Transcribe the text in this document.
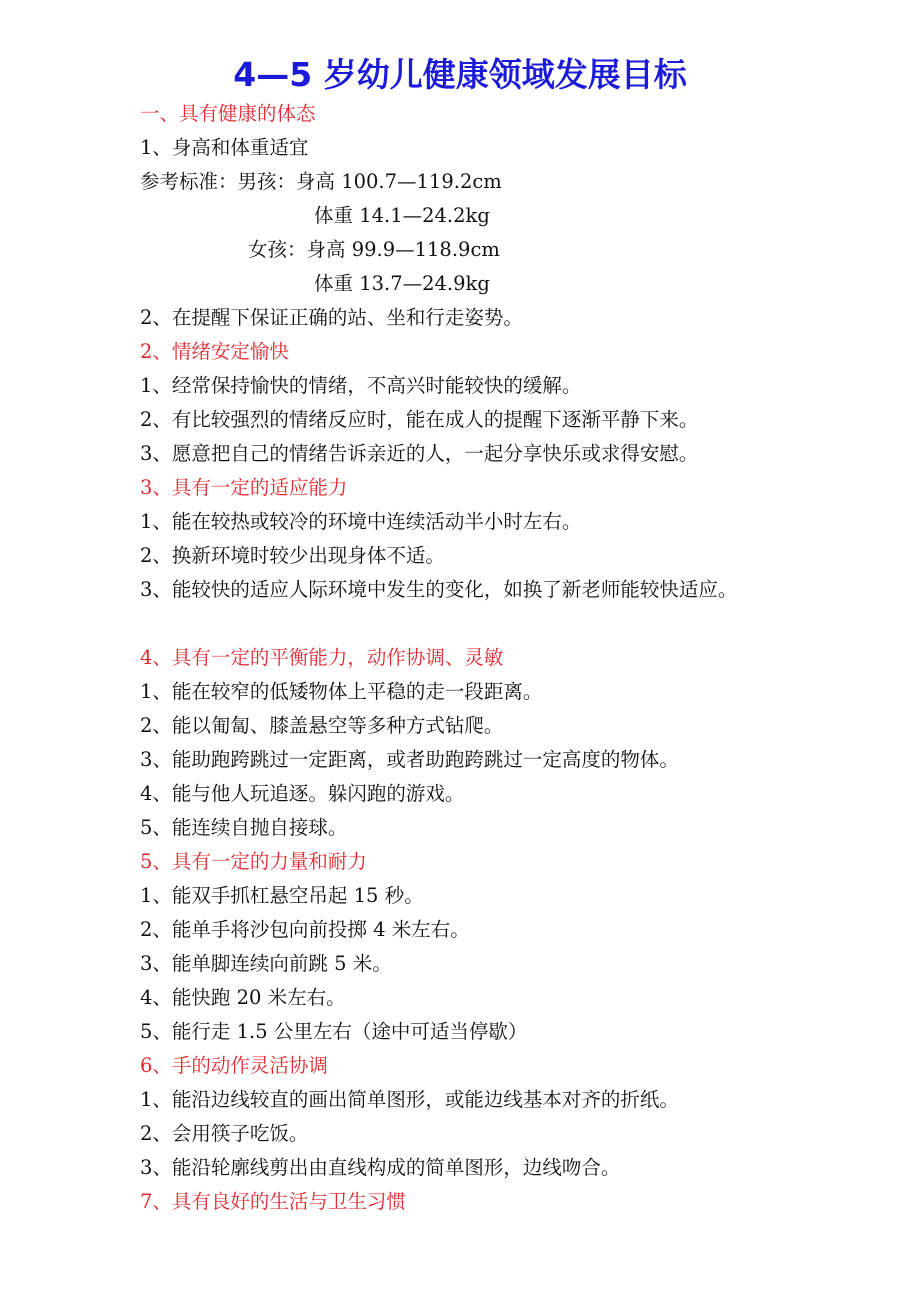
4—5 岁幼儿健康领域发展目标
一、具有健康的体态
1、身高和体重适宜
参考标准：男孩：身高 100.7—119.2cm
体重 14.1—24.2kg
女孩：身高 99.9—118.9cm
体重 13.7—24.9kg
2、在提醒下保证正确的站、坐和行走姿势。
2、情绪安定愉快
1、经常保持愉快的情绪，不高兴时能较快的缓解。
2、有比较强烈的情绪反应时，能在成人的提醒下逐渐平静下来。
3、愿意把自己的情绪告诉亲近的人，一起分享快乐或求得安慰。
3、具有一定的适应能力
1、能在较热或较冷的环境中连续活动半小时左右。
2、换新环境时较少出现身体不适。
3、能较快的适应人际环境中发生的变化，如换了新老师能较快适应。
4、具有一定的平衡能力，动作协调、灵敏
1、能在较窄的低矮物体上平稳的走一段距离。
2、能以匍匐、膝盖悬空等多种方式钻爬。
3、能助跑跨跳过一定距离，或者助跑跨跳过一定高度的物体。
4、能与他人玩追逐。躲闪跑的游戏。
5、能连续自抛自接球。
5、具有一定的力量和耐力
1、能双手抓杠悬空吊起 15 秒。
2、能单手将沙包向前投掷 4 米左右。
3、能单脚连续向前跳 5 米。
4、能快跑 20 米左右。
5、能行走 1.5 公里左右（途中可适当停歇）
6、手的动作灵活协调
1、能沿边线较直的画出简单图形，或能边线基本对齐的折纸。
2、会用筷子吃饭。
3、能沿轮廓线剪出由直线构成的简单图形，边线吻合。
7、具有良好的生活与卫生习惯
